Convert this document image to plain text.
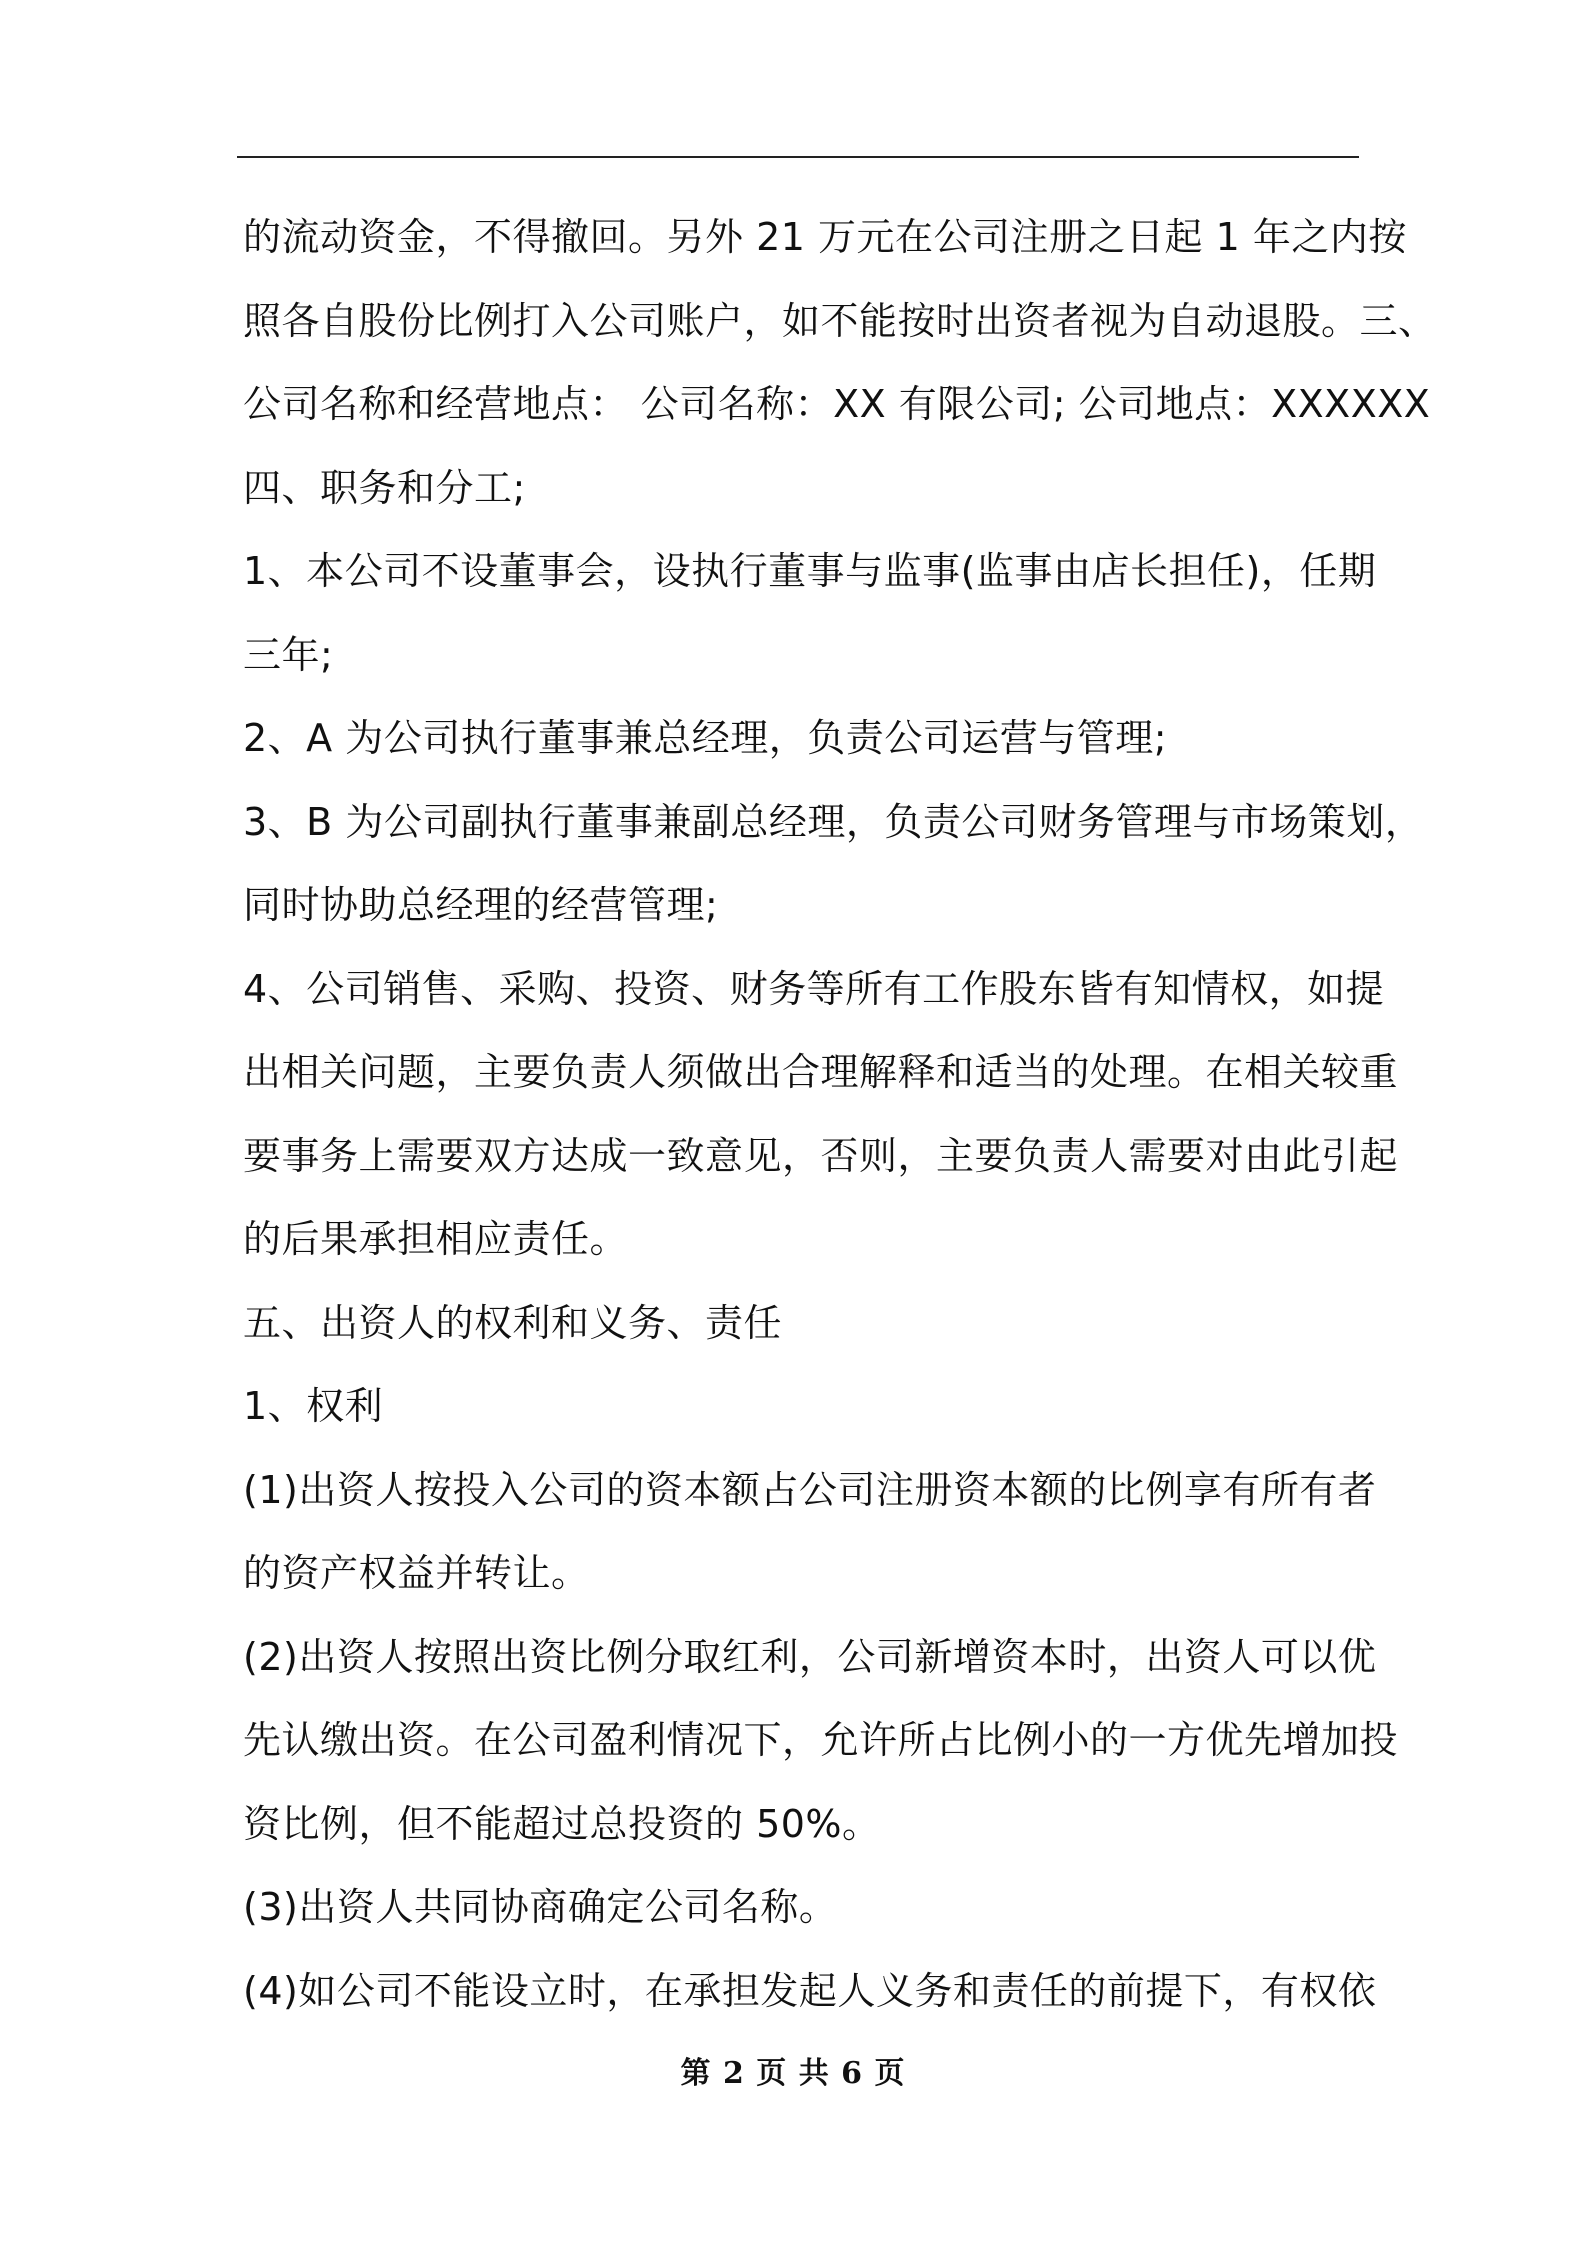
的流动资金，不得撤回。另外 21 万元在公司注册之日起 1 年之内按
照各自股份比例打入公司账户，如不能按时出资者视为自动退股。三、
公司名称和经营地点： 公司名称：XX 有限公司; 公司地点：XXXXXX
四、职务和分工;
1、本公司不设董事会，设执行董事与监事(监事由店长担任)，任期
三年;
2、A 为公司执行董事兼总经理，负责公司运营与管理;
3、B 为公司副执行董事兼副总经理，负责公司财务管理与市场策划，
同时协助总经理的经营管理;
4、公司销售、采购、投资、财务等所有工作股东皆有知情权，如提
出相关问题，主要负责人须做出合理解释和适当的处理。在相关较重
要事务上需要双方达成一致意见，否则，主要负责人需要对由此引起
的后果承担相应责任。
五、出资人的权利和义务、责任
1、权利
(1)出资人按投入公司的资本额占公司注册资本额的比例享有所有者
的资产权益并转让。
(2)出资人按照出资比例分取红利，公司新增资本时，出资人可以优
先认缴出资。在公司盈利情况下，允许所占比例小的一方优先增加投
资比例，但不能超过总投资的 50%。
(3)出资人共同协商确定公司名称。
(4)如公司不能设立时，在承担发起人义务和责任的前提下，有权依
第 2 页 共 6 页
